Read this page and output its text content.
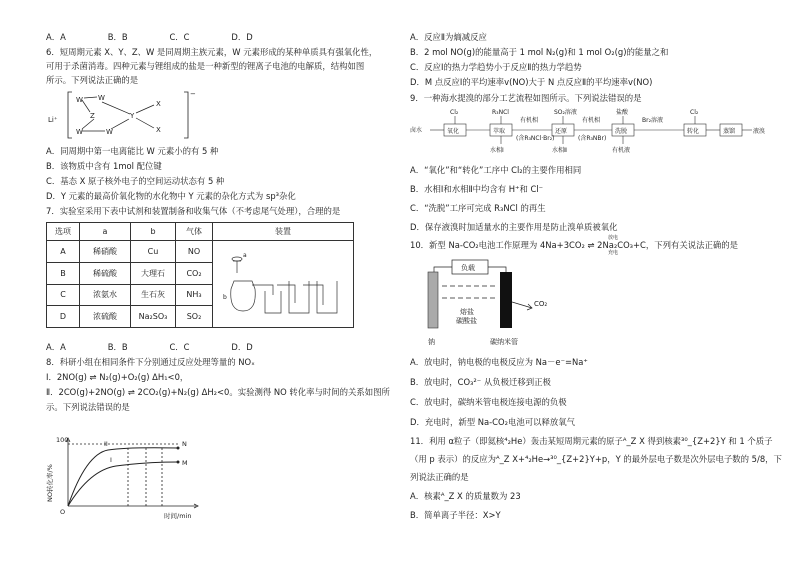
A．A　　　　　B．B　　　　　C．C　　　　　D．D
6．短周期元素 X、Y、Z、W 是同周期主族元素，W 元素形成的某种单质具有强氧化性，
可用于杀菌消毒。四种元素与锂组成的盐是一种新型的锂离子电池的电解质，结构如图
所示。下列说法正确的是
Li⁺
−
W W
Z
W	W
Y
X
X
A．同周期中第一电离能比 W 元素小的有 5 种
B．该物质中含有 1mol 配位键
C．基态 X 原子核外电子的空间运动状态有 5 种
D．Y 元素的最高价氧化物的水化物中 Y 元素的杂化方式为 sp³杂化
7．实验室采用下表中试剂和装置制备和收集气体（不考虑尾气处理），合理的是
选项	a	b	气体	装置
A	稀硝酸	Cu	NO	a
b

B	稀硫酸	大理石	CO₂	
C	浓氨水	生石灰	NH₃	
D	浓硫酸	Na₂SO₃	SO₂	
A．A　　　　　B．B　　　　　C．C　　　　　D．D
8．科研小组在相同条件下分别通过反应处理等量的 NOₓ
Ⅰ．2NO(g) ⇌ N₂(g)+O₂(g) ΔH₁<0，
Ⅱ．2CO(g)+2NO(g) ⇌ 2CO₂(g)+N₂(g) ΔH₂<0。实验测得 NO 转化率与时间的关系如图所
示。下列说法错误的是
100
O	时间/min
II
I
N
M
NO转化率/%
A．反应Ⅱ为熵减反应
B．2 mol NO(g)的能量高于 1 mol N₂(g)和 1 mol O₂(g)的能量之和
C．反应Ⅰ的热力学趋势小于反应Ⅱ的热力学趋势
D．M 点反应Ⅰ的平均速率v(NO)大于 N 点反应Ⅱ的平均速率v(NO)
9．一种海水提溴的部分工艺流程如图所示。下列说法错误的是
卤水	氧化	萃取	还原	洗脱	转化	蒸馏	液溴
Cl₂	R₃NCl
有机相
SO₂溶液	盐酸
有机相	Br₂溶液
Cl₂
水相Ⅰ
(含R₃NCl·Br₂)
水相Ⅱ
(含R₃NBr)
有机液
A．“氧化”和“转化”工序中 Cl₂的主要作用相同
B．水相Ⅰ和水相Ⅱ中均含有 H⁺和 Cl⁻
C．“洗脱”工序可完成 R₃NCl 的再生
D．保存液溴时加适量水的主要作用是防止溴单质被氧化
10．新型 Na-CO₂电池工作原理为 4Na+3CO₂ ⇌ 2Na₂CO₃+C，下列有关说法正确的是
放电
充电
负载
熔盐
碳酸盐
钠	碳纳米管
CO₂
A．放电时，钠电极的电极反应为 Na－e⁻=Na⁺
B．放电时，CO₃²⁻ 从负极迁移到正极
C．放电时，碳纳米管电极连接电源的负极
D．充电时，新型 Na-CO₂电池可以释放氧气
11．利用 α粒子（即氦核⁴₂He）轰击某短周期元素的原子ᴬ_Z X 得到核素³⁰_{Z+2}Y 和 1 个质子
（用 p 表示）的反应为ᴬ_Z X+⁴₂He→³⁰_{Z+2}Y+p，Y 的最外层电子数是次外层电子数的 5/8，下
列说法正确的是
A．核素ᴬ_Z X 的质量数为 23
B．简单离子半径：X>Y
